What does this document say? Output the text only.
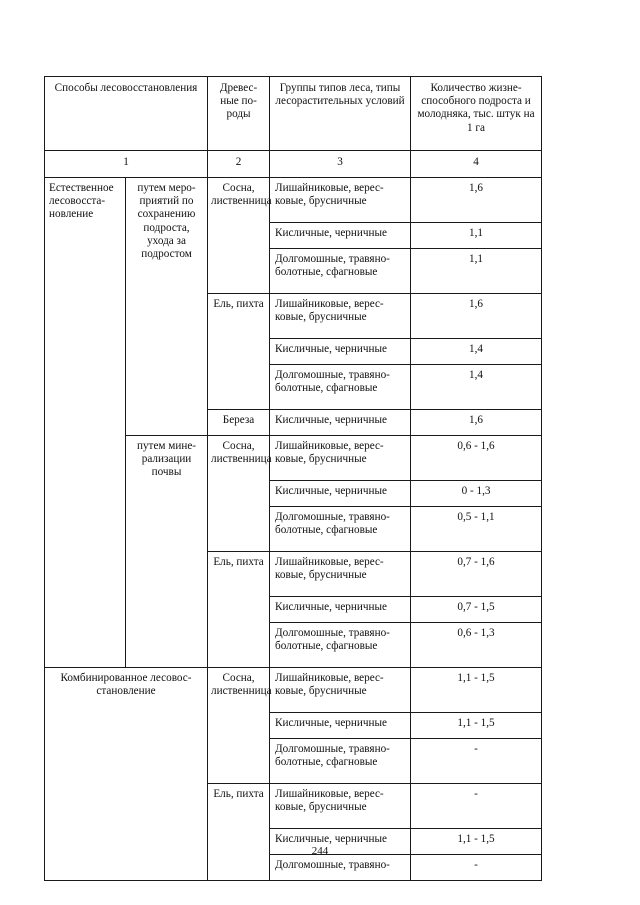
Способы лесовосстановления		Древес-ные по-роды	Группы типов леса, типы лесорастительных условий	Количество жизне-способного подроста и молодняка, тыс. штук на 1 га
1		2	3	4
Естественное лесовосста-новление	путем меро-приятий по сохранению подроста, ухода за подростом	Сосна, лиственница	Лишайниковые, верес-ковые, брусничные	1,6
			Кисличные, черничные	1,1
			Долгомошные, травяно-болотные, сфагновые	1,1
		Ель, пихта	Лишайниковые, верес-ковые, брусничные	1,6
			Кисличные, черничные	1,4
			Долгомошные, травяно-болотные, сфагновые	1,4
		Береза	Кисличные, черничные	1,6
	путем мине-рализации почвы	Сосна, лиственница	Лишайниковые, верес-ковые, брусничные	0,6 - 1,6
			Кисличные, черничные	0 - 1,3
			Долгомошные, травяно-болотные, сфагновые	0,5 - 1,1
		Ель, пихта	Лишайниковые, верес-ковые, брусничные	0,7 - 1,6
			Кисличные, черничные	0,7 - 1,5
			Долгомошные, травяно-болотные, сфагновые	0,6 - 1,3
Комбинированное лесовос-становление		Сосна, лиственница	Лишайниковые, верес-ковые, брусничные	1,1 - 1,5
			Кисличные, черничные	1,1 - 1,5
			Долгомошные, травяно-болотные, сфагновые	-
		Ель, пихта	Лишайниковые, верес-ковые, брусничные	-
			Кисличные, черничные	1,1 - 1,5
			Долгомошные, травяно-	-
244
